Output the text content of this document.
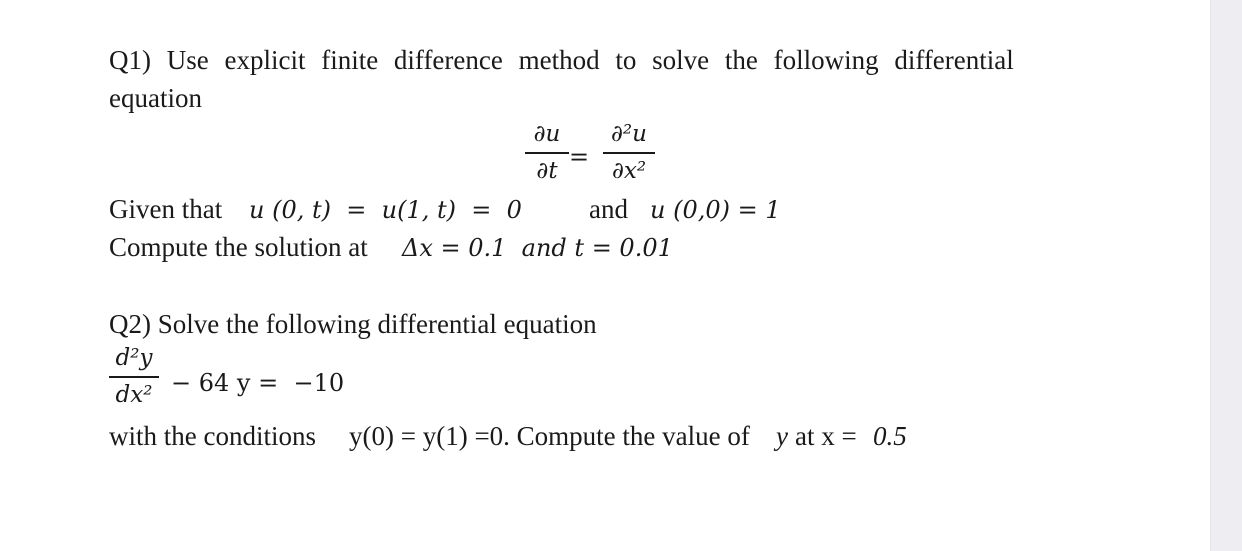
Q1) Use explicit finite difference method to solve the following differential
equation
∂u
∂t =
∂²u
∂x²
Given that u (0, t)  =  u(1, t)  =  0 and u (0,0) = 1
Compute the solution at Δx = 0.1  and t = 0.01
Q2) Solve the following differential equation
d²y
dx² − 64 y =  −10
with the conditions y(0) = y(1) =0. Compute the value of y at x = 0.5
